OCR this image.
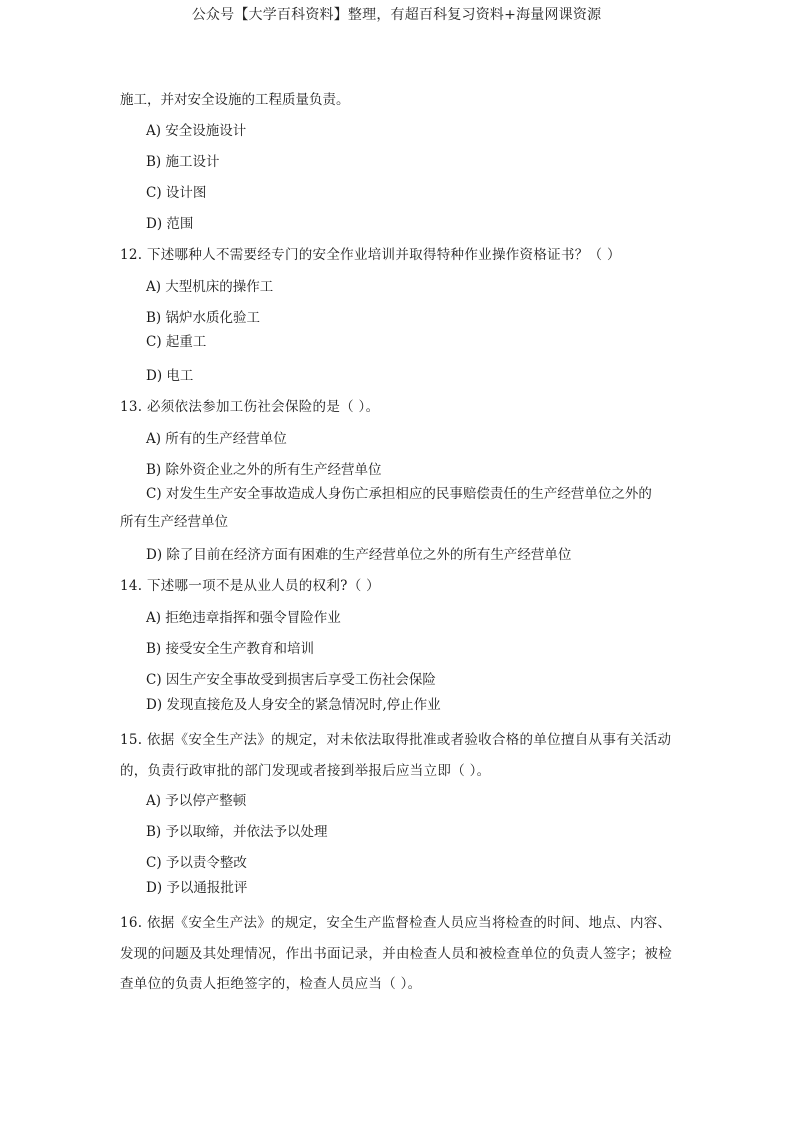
公众号【大学百科资料】整理，有超百科复习资料+海量网课资源
施工，并对安全设施的工程质量负责。
A) 安全设施设计
B) 施工设计
C) 设计图
D) 范围
12. 下述哪种人不需要经专门的安全作业培训并取得特种作业操作资格证书？（ ）
A) 大型机床的操作工
B) 锅炉水质化验工
C) 起重工
D) 电工
13. 必须依法参加工伤社会保险的是（ ）。
A) 所有的生产经营单位
B) 除外资企业之外的所有生产经营单位
C) 对发生生产安全事故造成人身伤亡承担相应的民事赔偿责任的生产经营单位之外的
所有生产经营单位
D) 除了目前在经济方面有困难的生产经营单位之外的所有生产经营单位
14. 下述哪一项不是从业人员的权利?（ ）
A) 拒绝违章指挥和强令冒险作业
B) 接受安全生产教育和培训
C) 因生产安全事故受到损害后享受工伤社会保险
D) 发现直接危及人身安全的紧急情况时,停止作业
15. 依据《安全生产法》的规定，对未依法取得批准或者验收合格的单位擅自从事有关活动
的，负责行政审批的部门发现或者接到举报后应当立即（ ）。
A) 予以停产整顿
B) 予以取缔，并依法予以处理
C) 予以责令整改
D) 予以通报批评
16. 依据《安全生产法》的规定，安全生产监督检查人员应当将检查的时间、地点、内容、
发现的问题及其处理情况，作出书面记录，并由检查人员和被检查单位的负责人签字；被检
查单位的负责人拒绝签字的，检查人员应当（ ）。
